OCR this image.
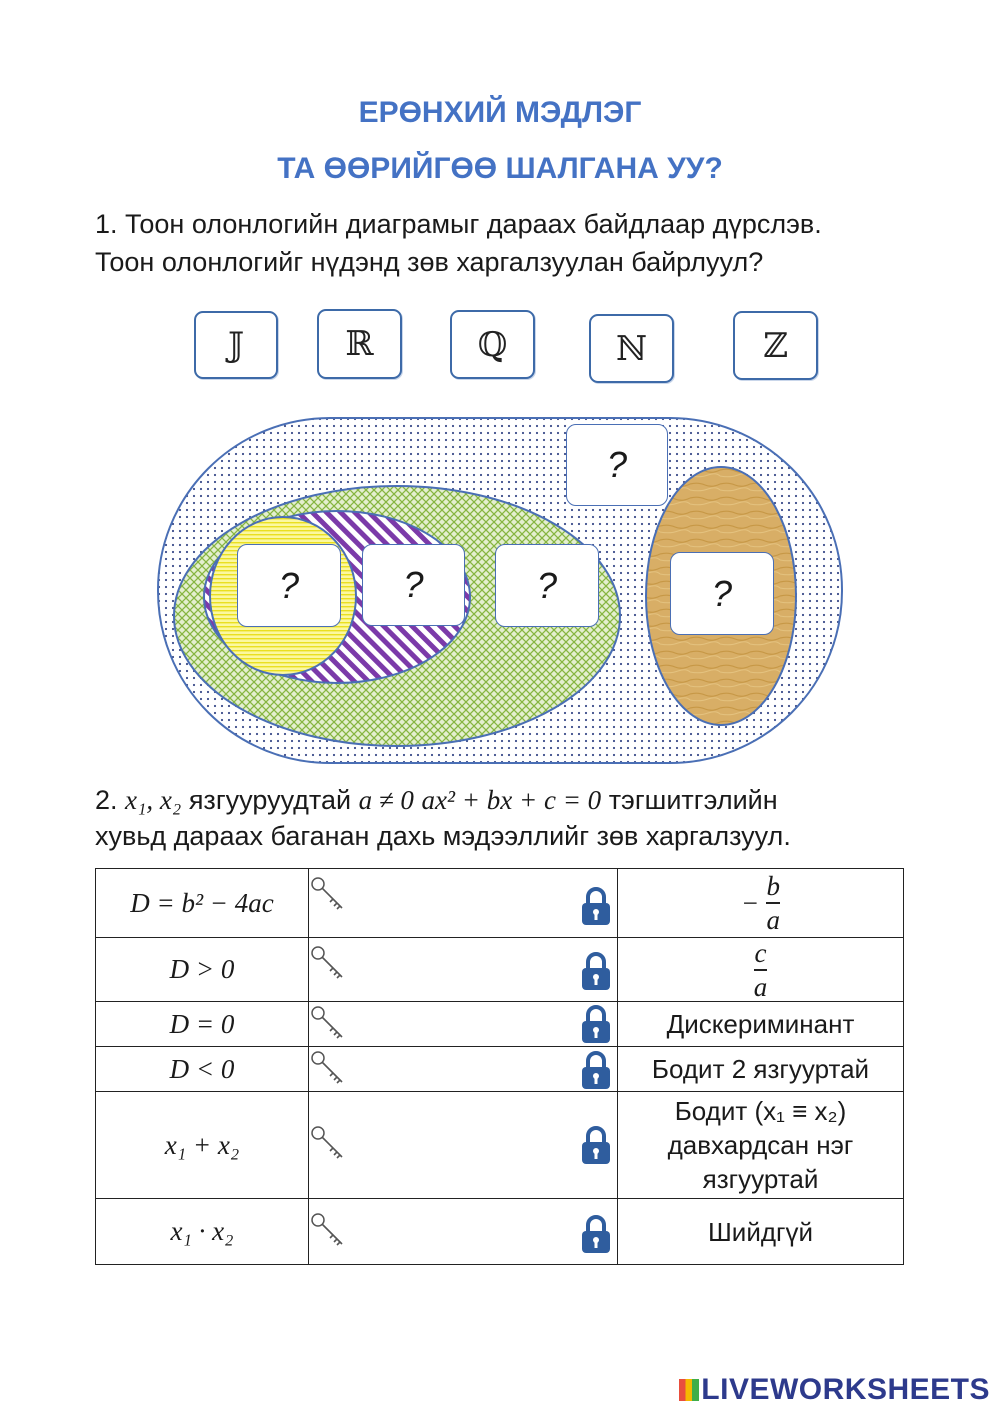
ЕРӨНХИЙ МЭДЛЭГ
ТА ӨӨРИЙГӨӨ ШАЛГАНА УУ?
1. Тоон олонлогийн диаграмыг дараах байдлаар дүрслэв.
Тоон олонлогийг нүдэнд зөв харгалзуулан байрлуул?
𝕁	ℝ	ℚ	ℕ	ℤ
?
?	?	?	?
2. x₁, x₂ язгууруудтай a ≠ 0 ax² + bx + c = 0 тэгшитгэлийн
хувьд дараах баганан дахь мэдээллийг зөв харгалзуул.
D = b² − 4ac		− $\frac{b}{a}$

D > 0		$\frac{c}{a}$

D = 0		Дискериминант
D < 0		Бодит 2 язгууртай
x₁ + x₂		Бодит (x₁ ≡ x₂)
давхардсан нэг
язгууртай

x₁ · x₂		Шийдгүй
LIVEWORKSHEETS
